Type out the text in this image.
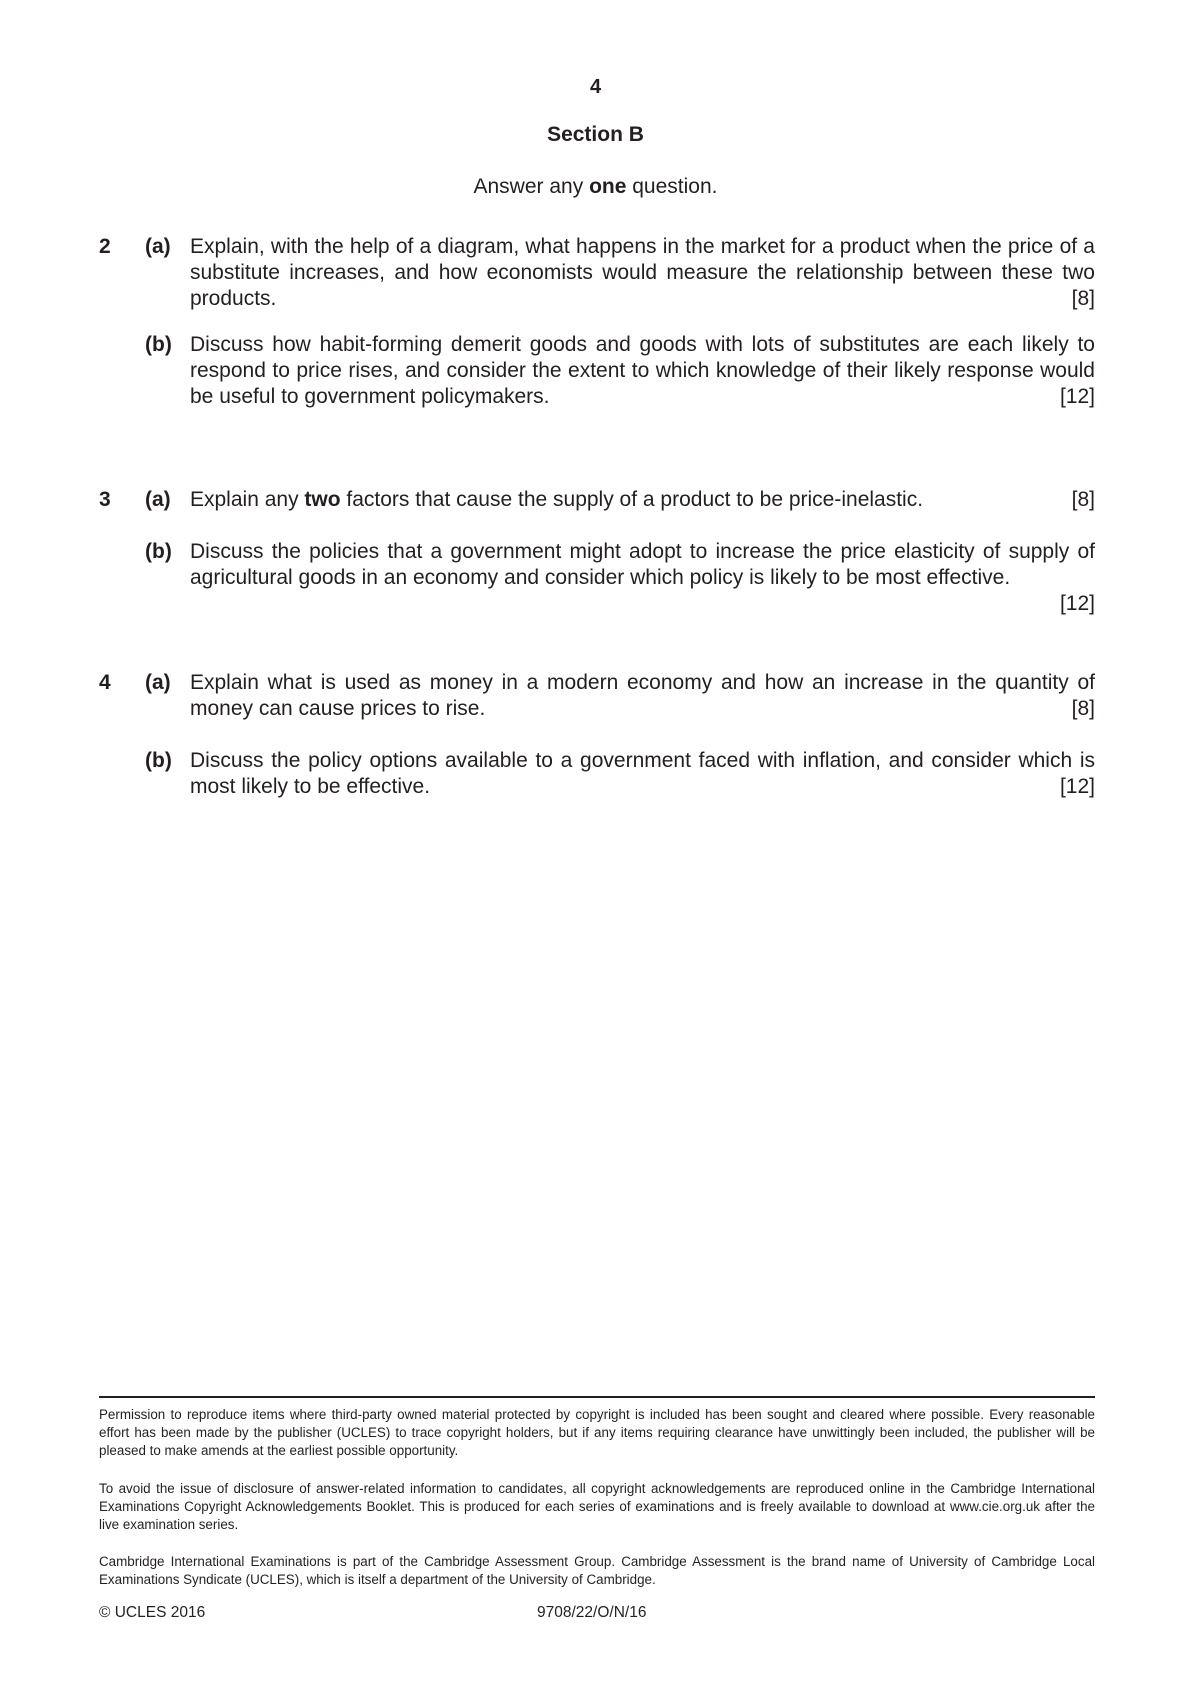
4
Section B
Answer any one question.
2 (a) Explain, with the help of a diagram, what happens in the market for a product when the price of a substitute increases, and how economists would measure the relationship between these two products.	[8]
(b) Discuss how habit-forming demerit goods and goods with lots of substitutes are each likely to respond to price rises, and consider the extent to which knowledge of their likely response would be useful to government policymakers.	[12]
3 (a) Explain any two factors that cause the supply of a product to be price-inelastic.	[8]
(b) Discuss the policies that a government might adopt to increase the price elasticity of supply of agricultural goods in an economy and consider which policy is likely to be most effective.
[12]
4 (a) Explain what is used as money in a modern economy and how an increase in the quantity of money can cause prices to rise.	[8]
(b) Discuss the policy options available to a government faced with inflation, and consider which is most likely to be effective.	[12]
Permission to reproduce items where third-party owned material protected by copyright is included has been sought and cleared where possible. Every reasonable effort has been made by the publisher (UCLES) to trace copyright holders, but if any items requiring clearance have unwittingly been included, the publisher will be pleased to make amends at the earliest possible opportunity.
To avoid the issue of disclosure of answer-related information to candidates, all copyright acknowledgements are reproduced online in the Cambridge International Examinations Copyright Acknowledgements Booklet. This is produced for each series of examinations and is freely available to download at www.cie.org.uk after the live examination series.
Cambridge International Examinations is part of the Cambridge Assessment Group. Cambridge Assessment is the brand name of University of Cambridge Local Examinations Syndicate (UCLES), which is itself a department of the University of Cambridge.
© UCLES 2016	9708/22/O/N/16
